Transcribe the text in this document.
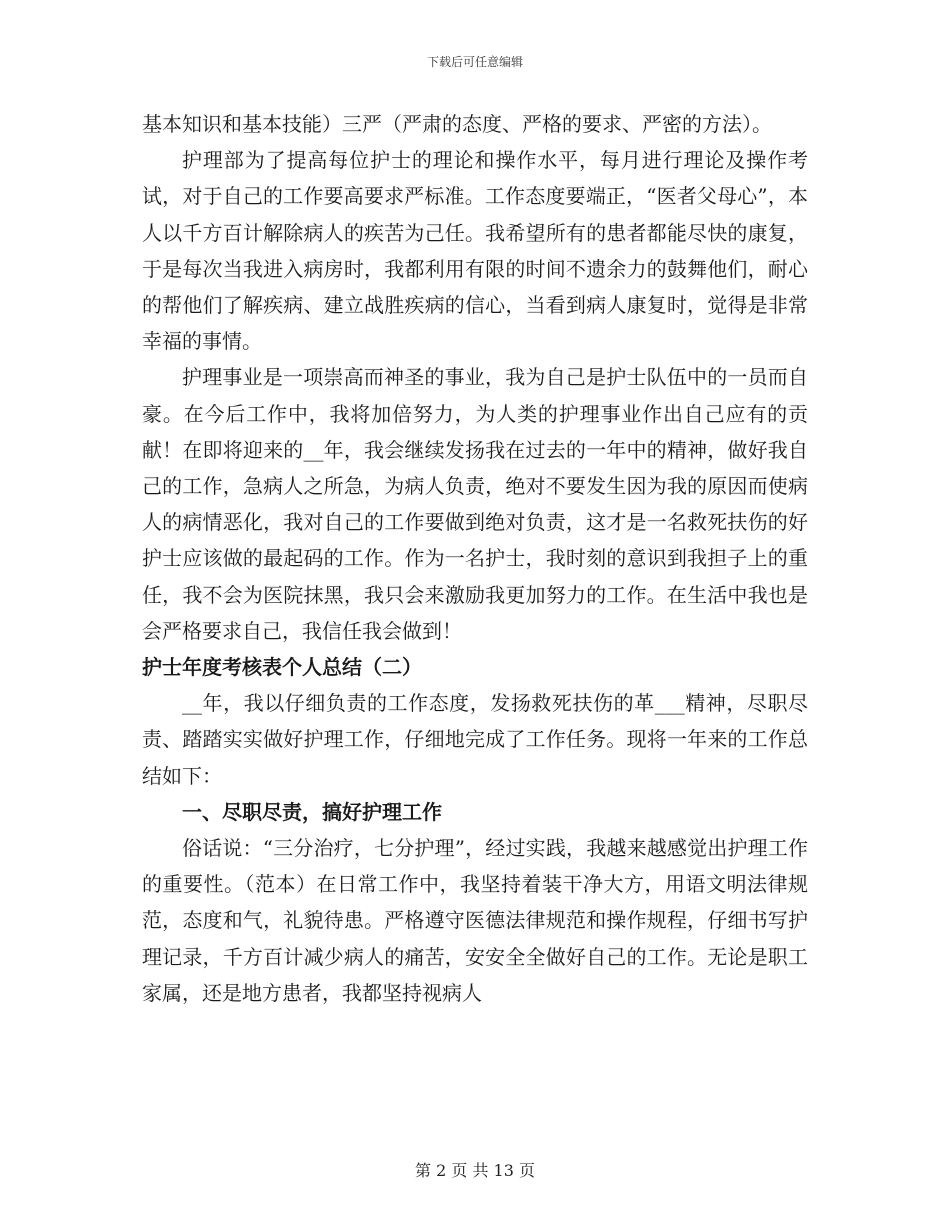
下载后可任意编辑

基本知识和基本技能）三严（严肃的态度、严格的要求、严密的方法）。

护理部为了提高每位护士的理论和操作水平，每月进行理论及操作考试，对于自己的工作要高要求严标准。工作态度要端正，“医者父母心”，本人以千方百计解除病人的疾苦为己任。我希望所有的患者都能尽快的康复，于是每次当我进入病房时，我都利用有限的时间不遗余力的鼓舞他们，耐心的帮他们了解疾病、建立战胜疾病的信心，当看到病人康复时，觉得是非常幸福的事情。

护理事业是一项崇高而神圣的事业，我为自己是护士队伍中的一员而自豪。在今后工作中，我将加倍努力，为人类的护理事业作出自己应有的贡献！在即将迎来的__年，我会继续发扬我在过去的一年中的精神，做好我自己的工作，急病人之所急，为病人负责，绝对不要发生因为我的原因而使病人的病情恶化，我对自己的工作要做到绝对负责，这才是一名救死扶伤的好护士应该做的最起码的工作。作为一名护士，我时刻的意识到我担子上的重任，我不会为医院抹黑，我只会来激励我更加努力的工作。在生活中我也是会严格要求自己，我信任我会做到！

护士年度考核表个人总结（二）

__年，我以仔细负责的工作态度，发扬救死扶伤的革___精神，尽职尽责、踏踏实实做好护理工作，仔细地完成了工作任务。现将一年来的工作总结如下：

一、尽职尽责，搞好护理工作

俗话说：“三分治疗，七分护理”，经过实践，我越来越感觉出护理工作的重要性。（范本）在日常工作中，我坚持着装干净大方，用语文明法律规范，态度和气，礼貌待患。严格遵守医德法律规范和操作规程，仔细书写护理记录，千方百计减少病人的痛苦，安安全全做好自己的工作。无论是职工家属，还是地方患者，我都坚持视病人

第 2 页 共 13 页
